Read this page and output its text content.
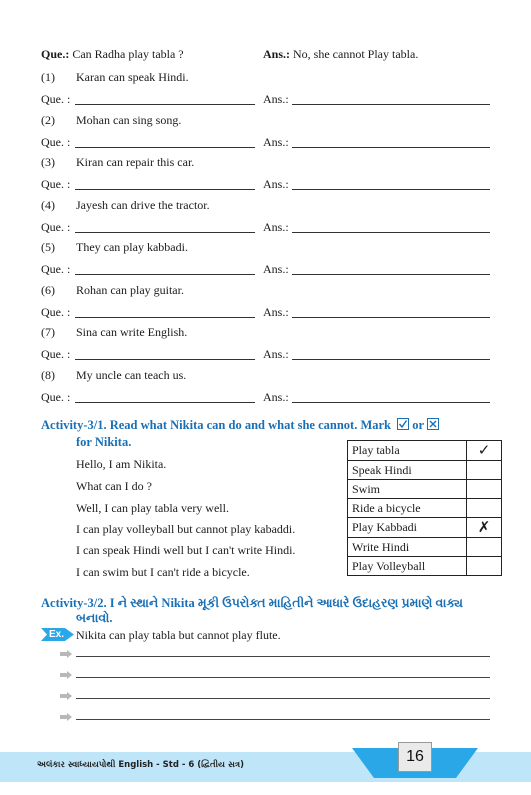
Que.: Can Radha play tabla ?	Ans.: No, she cannot Play tabla.
(1) Karan can speak Hindi.
Que. :	Ans.:
(2) Mohan can sing song.
Que. :	Ans.:
(3) Kiran can repair this car.
Que. :	Ans.:
(4) Jayesh can drive the tractor.
Que. :	Ans.:
(5) They can play kabbadi.
Que. :	Ans.:
(6) Rohan can play guitar.
Que. :	Ans.:
(7) Sina can write English.
Que. :	Ans.:
(8) My uncle can teach us.
Que. :	Ans.:
Activity-3/1. Read what Nikita can do and what she cannot. Mark or
for Nikita.
Hello, I am Nikita.
What can I do ?
Well, I can play tabla very well.
I can play volleyball but cannot play kabaddi.
I can speak Hindi well but I can't write Hindi.
I can swim but I can't ride a bicycle.
Play tabla	✓
Speak Hindi	
Swim	
Ride a bicycle	
Play Kabbadi	✗
Write Hindi	
Play Volleyball	
Activity-3/2. I ને સ્થાને Nikita મૂકી ઉપરોક્ત માહિતીને આધારે ઉદાહરણ પ્રમાણે વાક્ય
બનાવો.
Ex. Nikita can play tabla but cannot play flute.
અલંકાર સ્વાધ્યાયપોથી English - Std - 6 (દ્વિતીય સત્ર)	16
